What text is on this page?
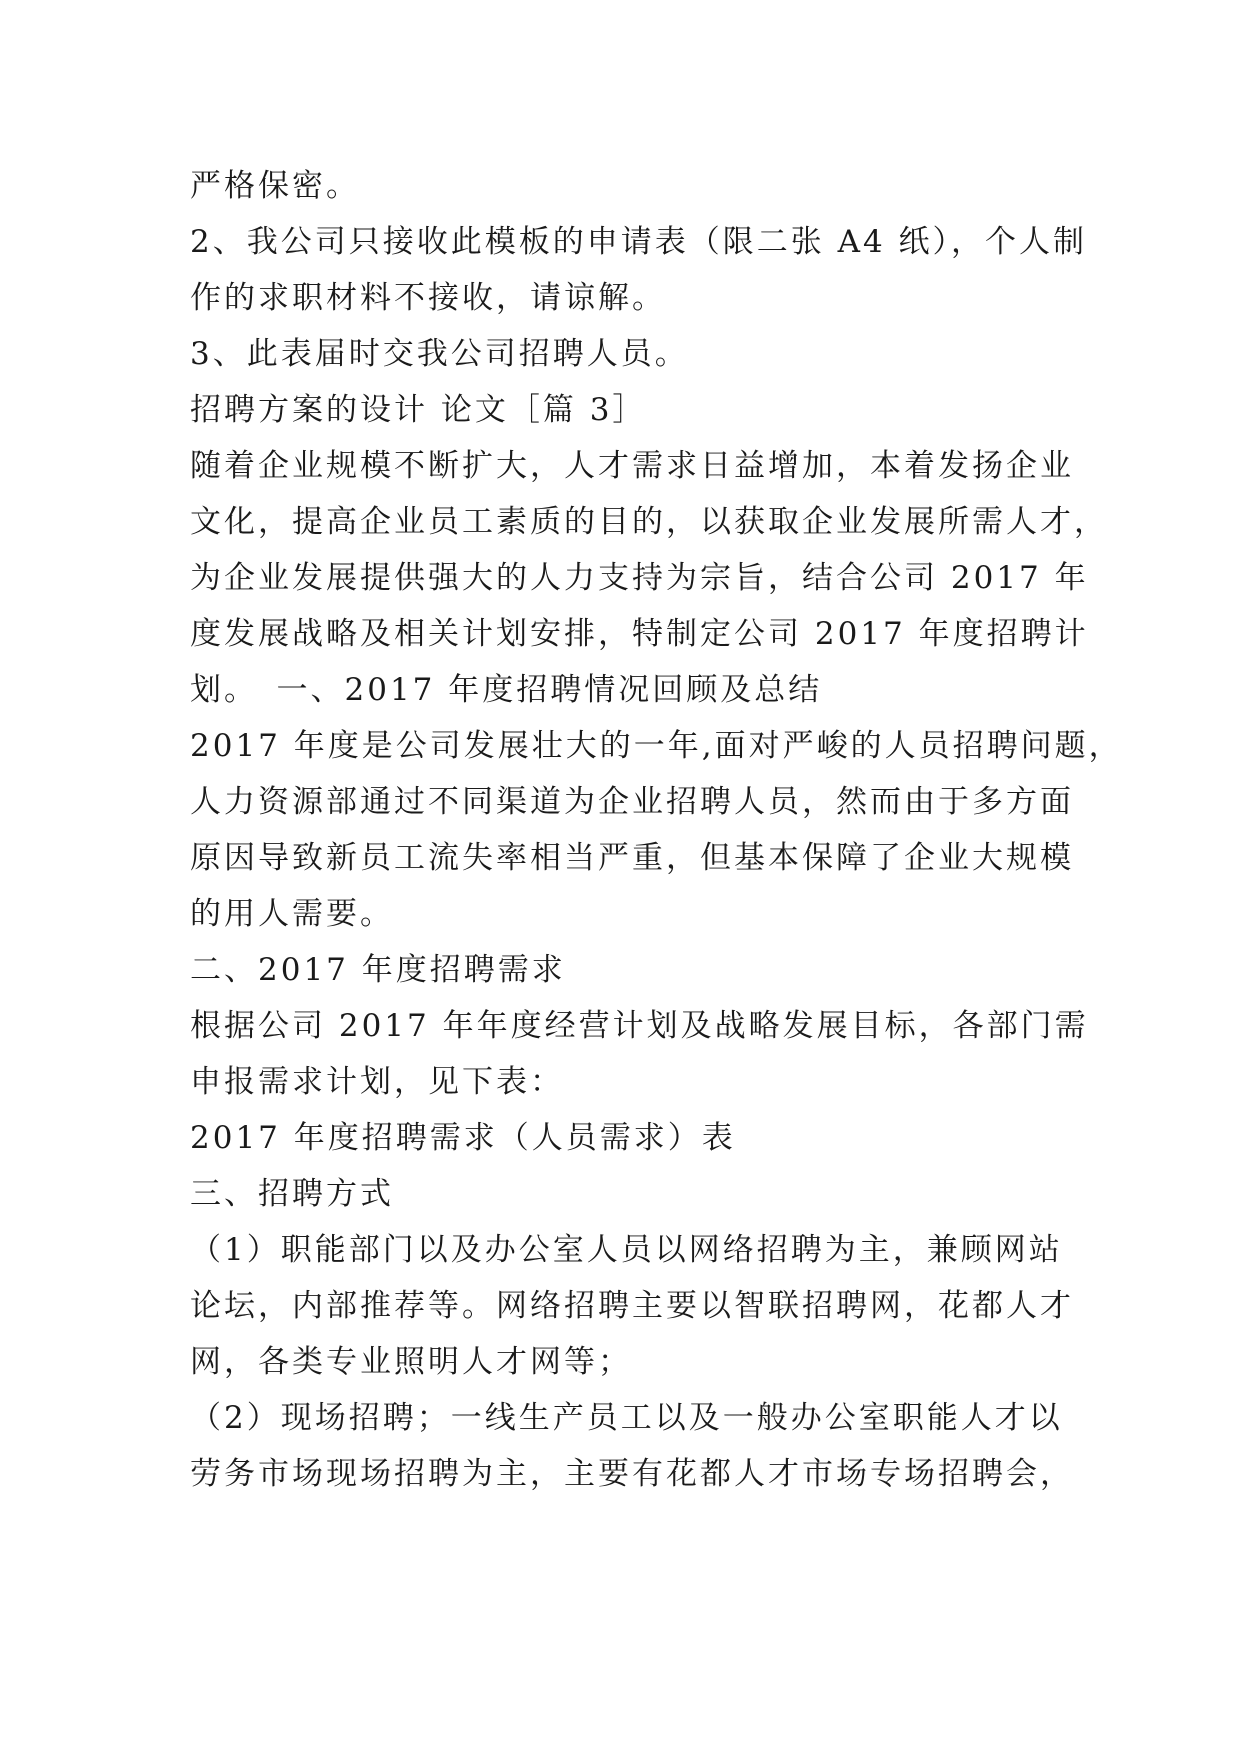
严格保密。
2、我公司只接收此模板的申请表（限二张 A4 纸），个人制
作的求职材料不接收，请谅解。
3、此表届时交我公司招聘人员。
招聘方案的设计 论文［篇 3］
随着企业规模不断扩大，人才需求日益增加，本着发扬企业
文化，提高企业员工素质的目的，以获取企业发展所需人才，
为企业发展提供强大的人力支持为宗旨，结合公司 2017 年
度发展战略及相关计划安排，特制定公司 2017 年度招聘计
划。　一、2017 年度招聘情况回顾及总结
2017 年度是公司发展壮大的一年,面对严峻的人员招聘问题，
人力资源部通过不同渠道为企业招聘人员，然而由于多方面
原因导致新员工流失率相当严重，但基本保障了企业大规模
的用人需要。
二、2017 年度招聘需求
根据公司 2017 年年度经营计划及战略发展目标，各部门需
申报需求计划，见下表：
2017 年度招聘需求（人员需求）表
三、招聘方式
（1）职能部门以及办公室人员以网络招聘为主，兼顾网站
论坛，内部推荐等。网络招聘主要以智联招聘网，花都人才
网，各类专业照明人才网等；
（2）现场招聘；一线生产员工以及一般办公室职能人才以
劳务市场现场招聘为主，主要有花都人才市场专场招聘会，
